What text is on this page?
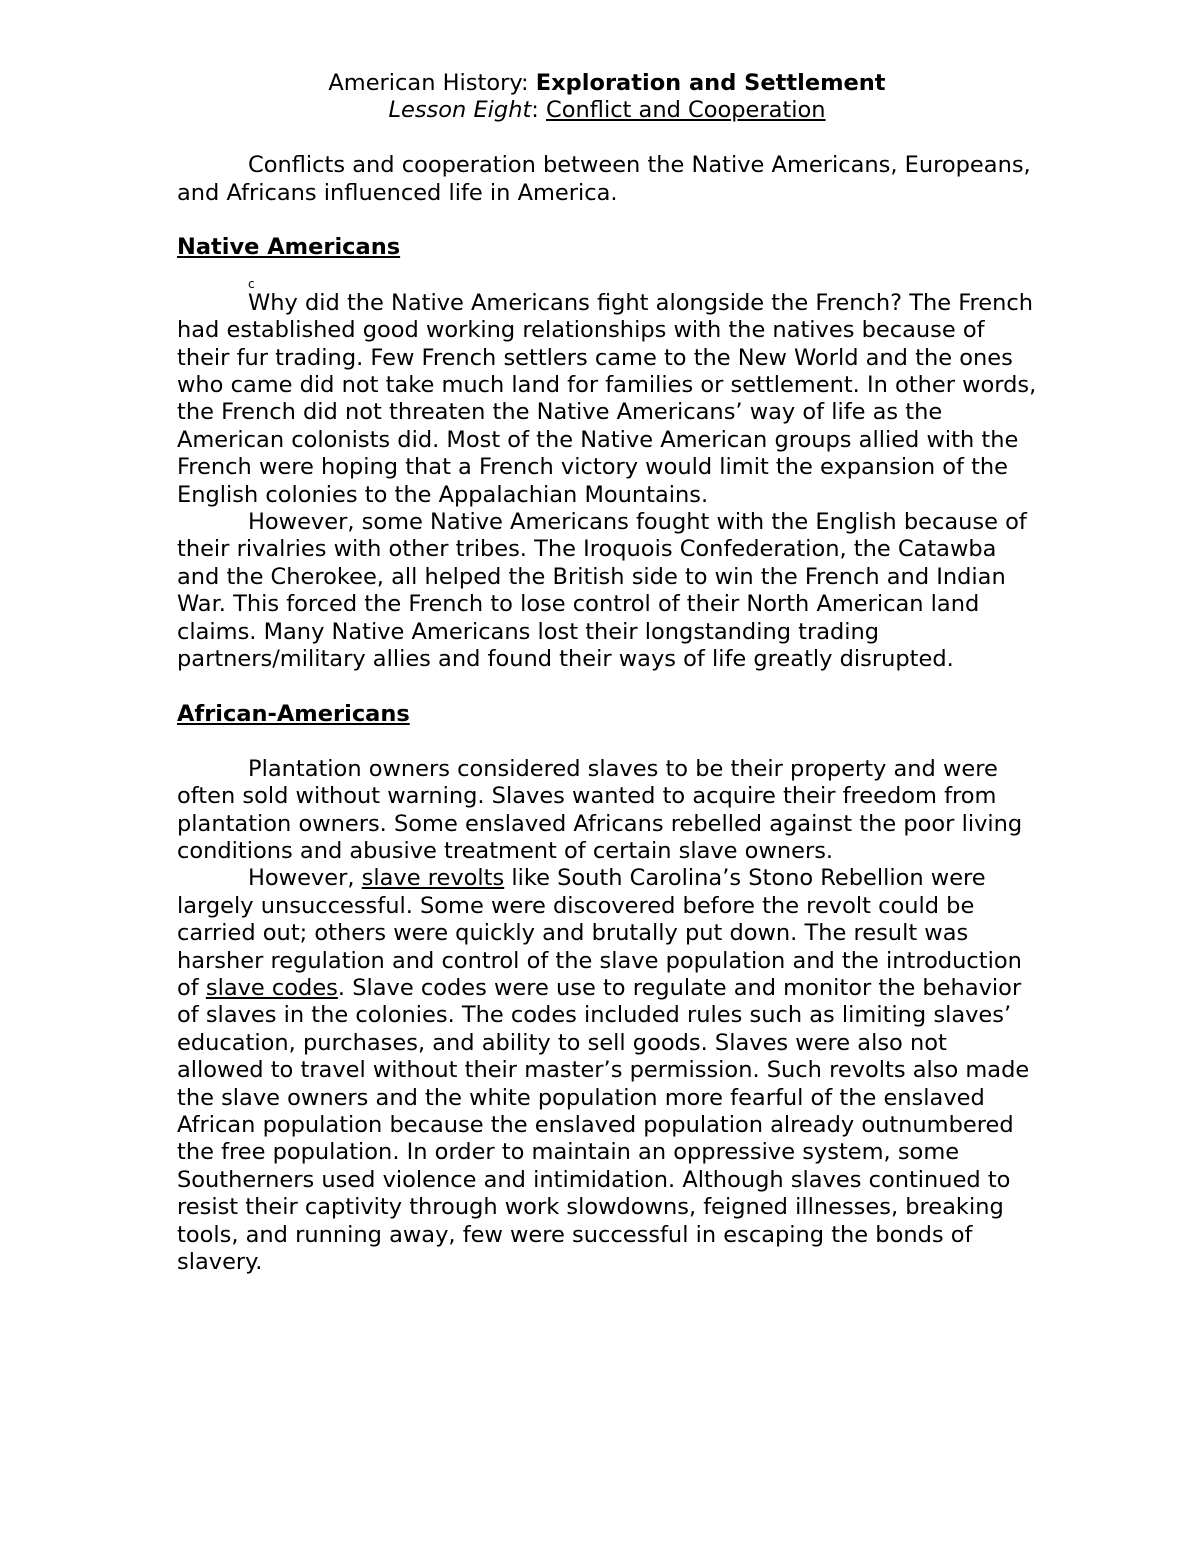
American History: Exploration and Settlement

Lesson Eight: Conflict and Cooperation

Conflicts and cooperation between the Native Americans, Europeans, and Africans influenced life in America.

Native Americans

c

Why did the Native Americans fight alongside the French? The French had established good working relationships with the natives because of their fur trading. Few French settlers came to the New World and the ones who came did not take much land for families or settlement. In other words, the French did not threaten the Native Americans’ way of life as the American colonists did. Most of the Native American groups allied with the French were hoping that a French victory would limit the expansion of the English colonies to the Appalachian Mountains.

However, some Native Americans fought with the English because of their rivalries with other tribes. The Iroquois Confederation, the Catawba and the Cherokee, all helped the British side to win the French and Indian War. This forced the French to lose control of their North American land claims. Many Native Americans lost their longstanding trading partners/military allies and found their ways of life greatly disrupted.

African-Americans

Plantation owners considered slaves to be their property and were often sold without warning. Slaves wanted to acquire their freedom from plantation owners. Some enslaved Africans rebelled against the poor living conditions and abusive treatment of certain slave owners.

However, slave revolts like South Carolina’s Stono Rebellion were largely unsuccessful. Some were discovered before the revolt could be carried out; others were quickly and brutally put down. The result was harsher regulation and control of the slave population and the introduction of slave codes. Slave codes were use to regulate and monitor the behavior of slaves in the colonies. The codes included rules such as limiting slaves’ education, purchases, and ability to sell goods. Slaves were also not allowed to travel without their master’s permission. Such revolts also made the slave owners and the white population more fearful of the enslaved African population because the enslaved population already outnumbered the free population. In order to maintain an oppressive system, some Southerners used violence and intimidation. Although slaves continued to resist their captivity through work slowdowns, feigned illnesses, breaking tools, and running away, few were successful in escaping the bonds of slavery.
